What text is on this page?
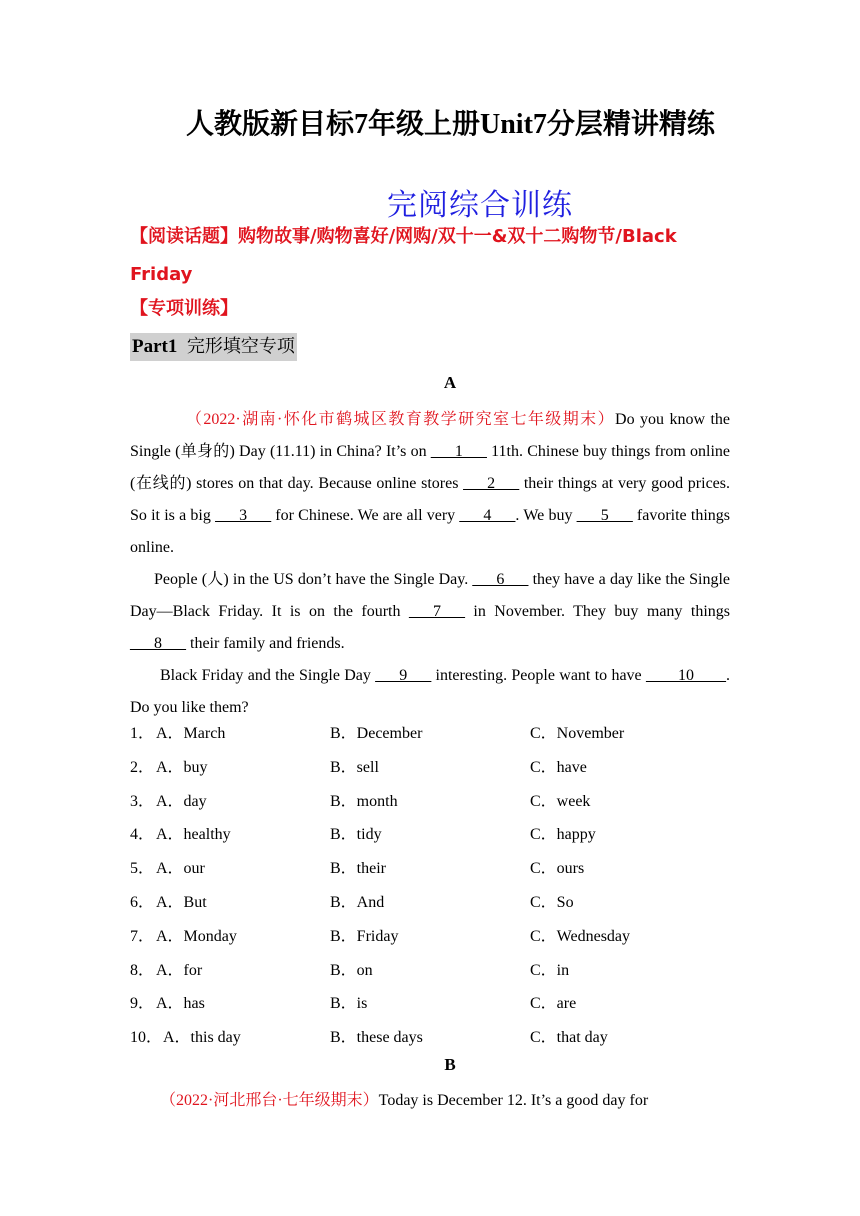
人教版新目标7年级上册Unit7分层精讲精练
完阅综合训练
【阅读话题】购物故事/购物喜好/网购/双十一&双十二购物节/Black Friday
【专项训练】
Part1 完形填空专项
A

（2022·湖南·怀化市鹤城区教育教学研究室七年级期末）Do you know the Single (单身的) Day (11.11) in China? It’s on ___1___ 11th. Chinese buy things from online (在线的) stores on that day. Because online stores ___2___ their things at very good prices. So it is a big ___3___ for Chinese. We are all very ___4___. We buy ___5___ favorite things online.

People (人) in the US don’t have the Single Day. ___6___ they have a day like the Single Day—Black Friday. It is on the fourth ___7___ in November. They buy many things ___8___ their family and friends.

Black Friday and the Single Day ___9___ interesting. People want to have ____10____. Do you like them?

1． A．March	B．December	C．November
2． A．buy	B．sell	C．have
3． A．day	B．month	C．week
4． A．healthy	B．tidy	C．happy
5． A．our	B．their	C．ours
6． A．But	B．And	C．So
7． A．Monday	B．Friday	C．Wednesday
8． A．for	B．on	C．in
9． A．has	B．is	C．are
10． A．this day	B．these days	C．that day
B

（2022·河北邢台·七年级期末）Today is December 12. It’s a good day for
